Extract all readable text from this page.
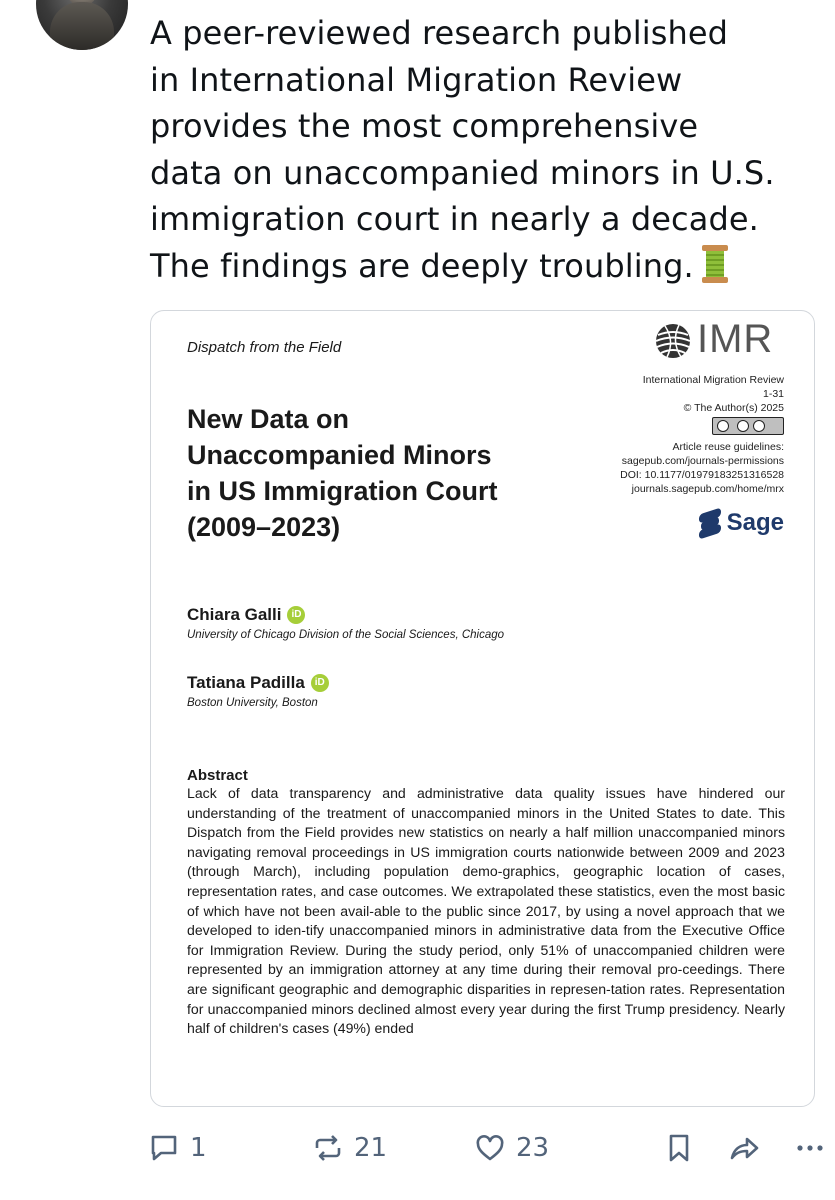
A peer-reviewed research published
in International Migration Review
provides the most comprehensive
data on unaccompanied minors in U.S.
immigration court in nearly a decade.
The findings are deeply troubling.
Dispatch from the Field	IMR
International Migration Review
1-31
© The Author(s) 2025
Article reuse guidelines:
sagepub.com/journals-permissions
DOI: 10.1177/01979183251316528
journals.sagepub.com/home/mrx
Sage
New Data on
Unaccompanied Minors
in US Immigration Court
(2009–2023)
Chiara Galli	iD
University of Chicago Division of the Social Sciences, Chicago
Tatiana Padilla	iD
Boston University, Boston
Abstract
Lack of data transparency and administrative data quality issues have hindered our understanding of the treatment of unaccompanied minors in the United States to date. This Dispatch from the Field provides new statistics on nearly a half million unaccompanied minors navigating removal proceedings in US immigration courts nationwide between 2009 and 2023 (through March), including population demo-graphics, geographic location of cases, representation rates, and case outcomes. We extrapolated these statistics, even the most basic of which have not been avail-able to the public since 2017, by using a novel approach that we developed to iden-tify unaccompanied minors in administrative data from the Executive Office for Immigration Review. During the study period, only 51% of unaccompanied children were represented by an immigration attorney at any time during their removal pro-ceedings. There are significant geographic and demographic disparities in represen-tation rates. Representation for unaccompanied minors declined almost every year during the first Trump presidency. Nearly half of children's cases (49%) ended
1	21	23
